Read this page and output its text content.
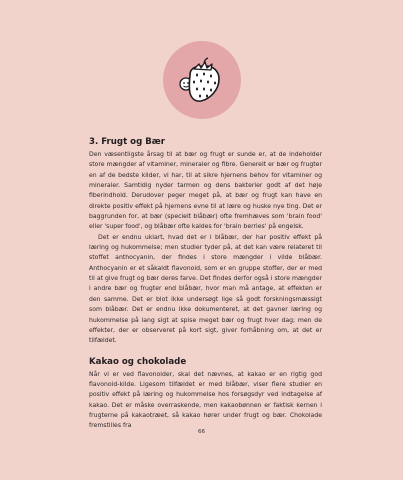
3. Frugt og Bær

Den væsentligste årsag til at bær og frugt er sunde er, at de indeholder store mængder af vitaminer, mineraler og fibre. Generelt er bær og frugter en af de bedste kilder, vi har, til at sikre hjernens behov for vitaminer og mineraler. Samtidig nyder tarmen og dens bakterier godt af det høje fiberindhold. Derudover peger meget på, at bær og frugt kan have en direkte positiv effekt på hjernens evne til at lære og huske nye ting. Det er baggrunden for, at bær (specielt blåbær) ofte fremhæves som 'brain food' eller 'super food', og blåbær ofte kaldes for 'brain berries' på engelsk.

Det er endnu uklart, hvad det er i blåbær, der har positiv effekt på læring og hukommelse; men studier tyder på, at det kan være relateret til stoffet anthocyanin, der findes i store mængder i vilde blåbær. Anthocyanin er et såkaldt flavonoid, som er en gruppe stoffer, der er med til at give frugt og bær deres farve. Det findes derfor også i store mængder i andre bær og frugter end blåbær, hvor man må antage, at effekten er den samme. Det er blot ikke undersøgt lige så godt forskningsmæssigt som blåbær. Det er endnu ikke dokumenteret, at det gavner læring og hukommelse på lang sigt at spise meget bær og frugt hver dag; men de effekter, der er observeret på kort sigt, giver forhåbning om, at det er tilfældet.

Kakao og chokolade

Når vi er ved flavonoider, skal det nævnes, at kakao er en rigtig god flavonoid-kilde. Ligesom tilfældet er med blåbær, viser flere studier en positiv effekt på læring og hukommelse hos forsøgsdyr ved indtagelse af kakao. Det er måske overraskende, men kakaobønnen er faktisk kernen i frugterne på kakaotræet, så kakao hører under frugt og bær. Chokolade fremstilles fra

66
